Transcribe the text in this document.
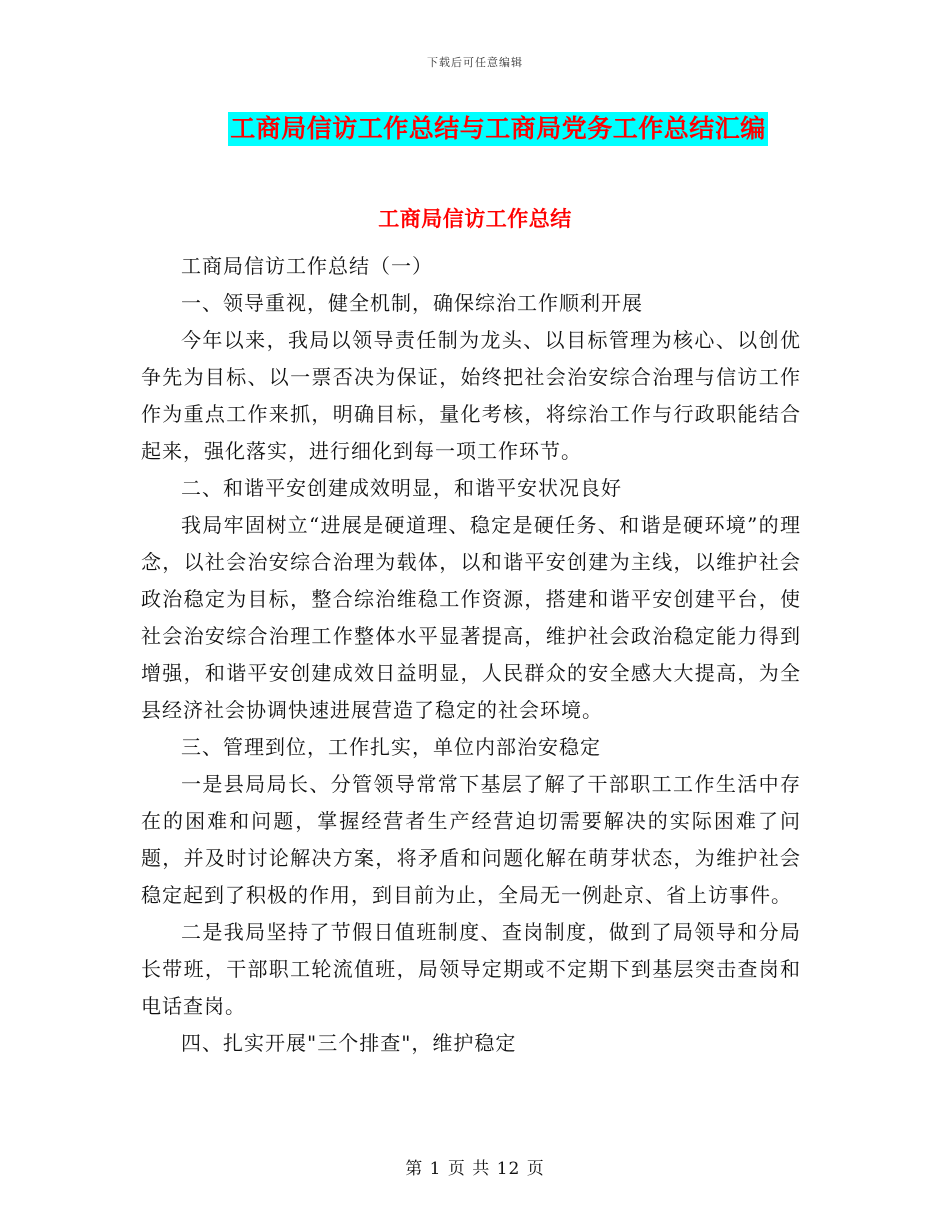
下载后可任意编辑
工商局信访工作总结与工商局党务工作总结汇编
工商局信访工作总结

工商局信访工作总结（一）

一、领导重视，健全机制，确保综治工作顺利开展

今年以来，我局以领导责任制为龙头、以目标管理为核心、以创优争先为目标、以一票否决为保证，始终把社会治安综合治理与信访工作作为重点工作来抓，明确目标，量化考核，将综治工作与行政职能结合起来，强化落实，进行细化到每一项工作环节。

二、和谐平安创建成效明显，和谐平安状况良好

我局牢固树立“进展是硬道理、稳定是硬任务、和谐是硬环境”的理念，以社会治安综合治理为载体，以和谐平安创建为主线，以维护社会政治稳定为目标，整合综治维稳工作资源，搭建和谐平安创建平台，使社会治安综合治理工作整体水平显著提高，维护社会政治稳定能力得到增强，和谐平安创建成效日益明显，人民群众的安全感大大提高，为全县经济社会协调快速进展营造了稳定的社会环境。

三、管理到位，工作扎实，单位内部治安稳定

一是县局局长、分管领导常常下基层了解了干部职工工作生活中存在的困难和问题，掌握经营者生产经营迫切需要解决的实际困难了问题，并及时讨论解决方案，将矛盾和问题化解在萌芽状态，为维护社会稳定起到了积极的作用，到目前为止，全局无一例赴京、省上访事件。

二是我局坚持了节假日值班制度、查岗制度，做到了局领导和分局长带班，干部职工轮流值班，局领导定期或不定期下到基层突击查岗和电话查岗。

四、扎实开展"三个排查"，维护稳定

第 1 页 共 12 页
